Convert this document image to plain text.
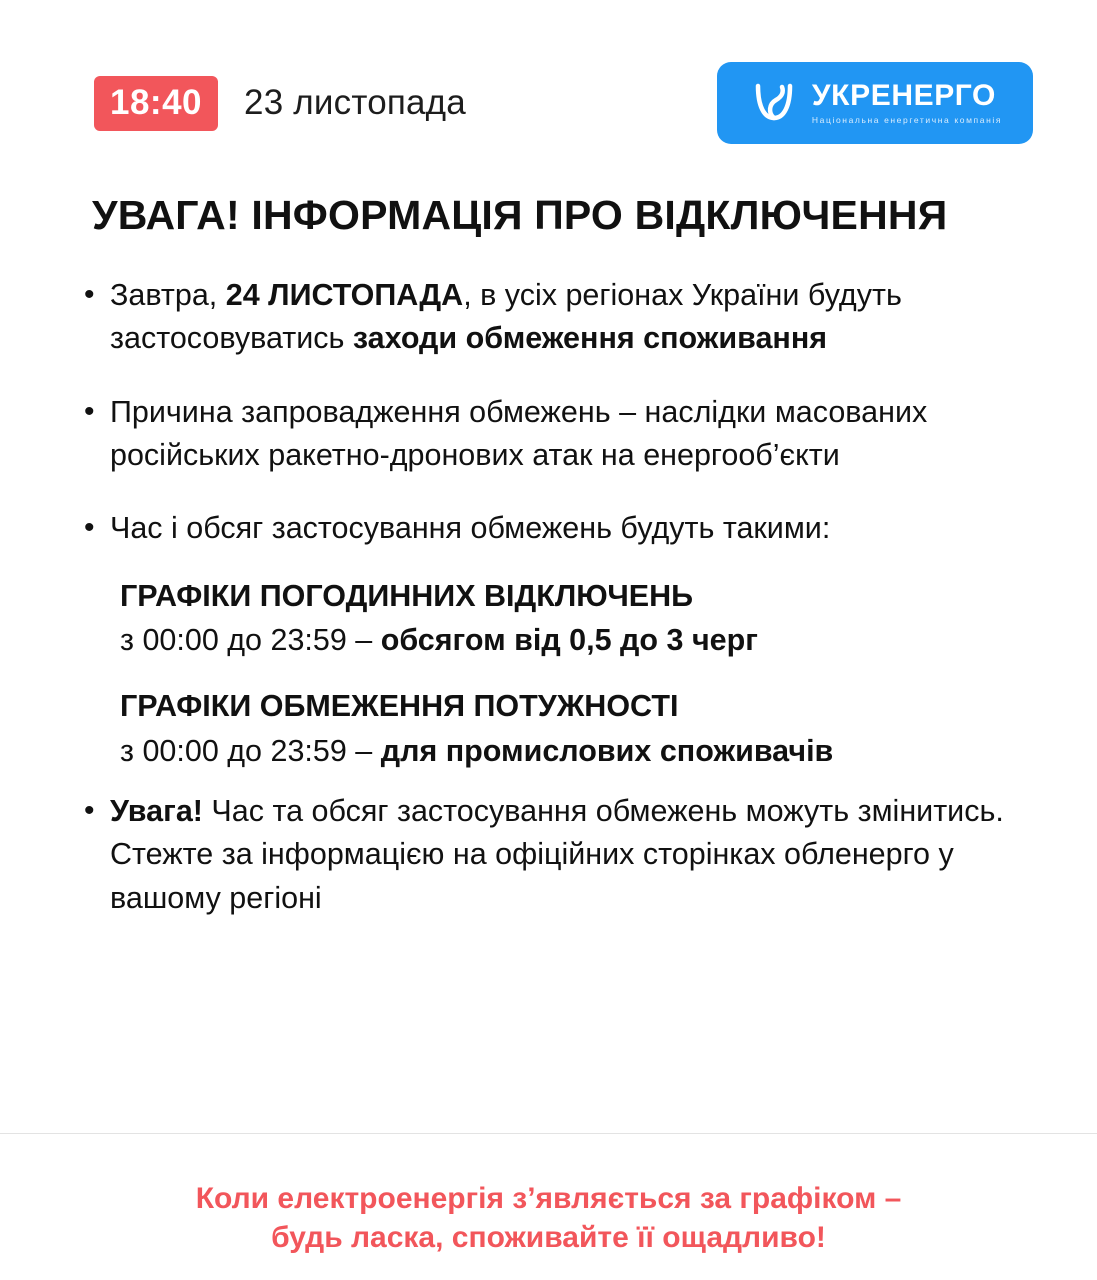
18:40	23 листопада	УКРЕНЕРГО
Національна енергетична компанія
УВАГА! ІНФОРМАЦІЯ ПРО ВІДКЛЮЧЕННЯ
• Завтра, 24 ЛИСТОПАДА, в усіх регіонах України будуть застосовуватись заходи обмеження споживання
• Причина запровадження обмежень – наслідки масованих російських ракетно-дронових атак на енергооб’єкти
• Час і обсяг застосування обмежень будуть такими:
ГРАФІКИ ПОГОДИННИХ ВІДКЛЮЧЕНЬ
з 00:00 до 23:59 – обсягом від 0,5 до 3 черг
ГРАФІКИ ОБМЕЖЕННЯ ПОТУЖНОСТІ
з 00:00 до 23:59 – для промислових споживачів
• Увага! Час та обсяг застосування обмежень можуть змінитись. Стежте за інформацією на офіційних сторінках обленерго у вашому регіоні
Коли електроенергія з’являється за графіком –
будь ласка, споживайте її ощадливо!
